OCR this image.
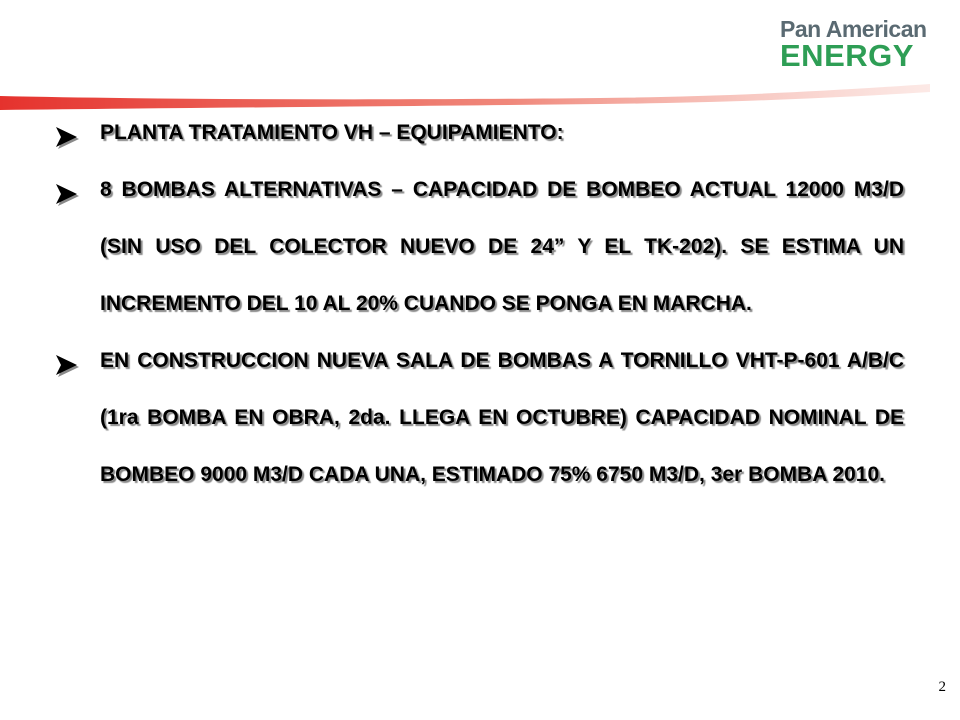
Pan American
ENERGY
PLANTA TRATAMIENTO VH – EQUIPAMIENTO:
8 BOMBAS ALTERNATIVAS – CAPACIDAD DE BOMBEO ACTUAL 12000 M3/D (SIN USO DEL COLECTOR NUEVO DE 24” Y EL TK-202). SE ESTIMA UN INCREMENTO DEL 10 AL 20% CUANDO SE PONGA EN MARCHA.
EN CONSTRUCCION NUEVA SALA DE BOMBAS A TORNILLO VHT-P-601 A/B/C (1ra BOMBA EN OBRA, 2da. LLEGA EN OCTUBRE) CAPACIDAD NOMINAL DE BOMBEO 9000 M3/D CADA UNA, ESTIMADO 75% 6750 M3/D, 3er BOMBA 2010.
2
